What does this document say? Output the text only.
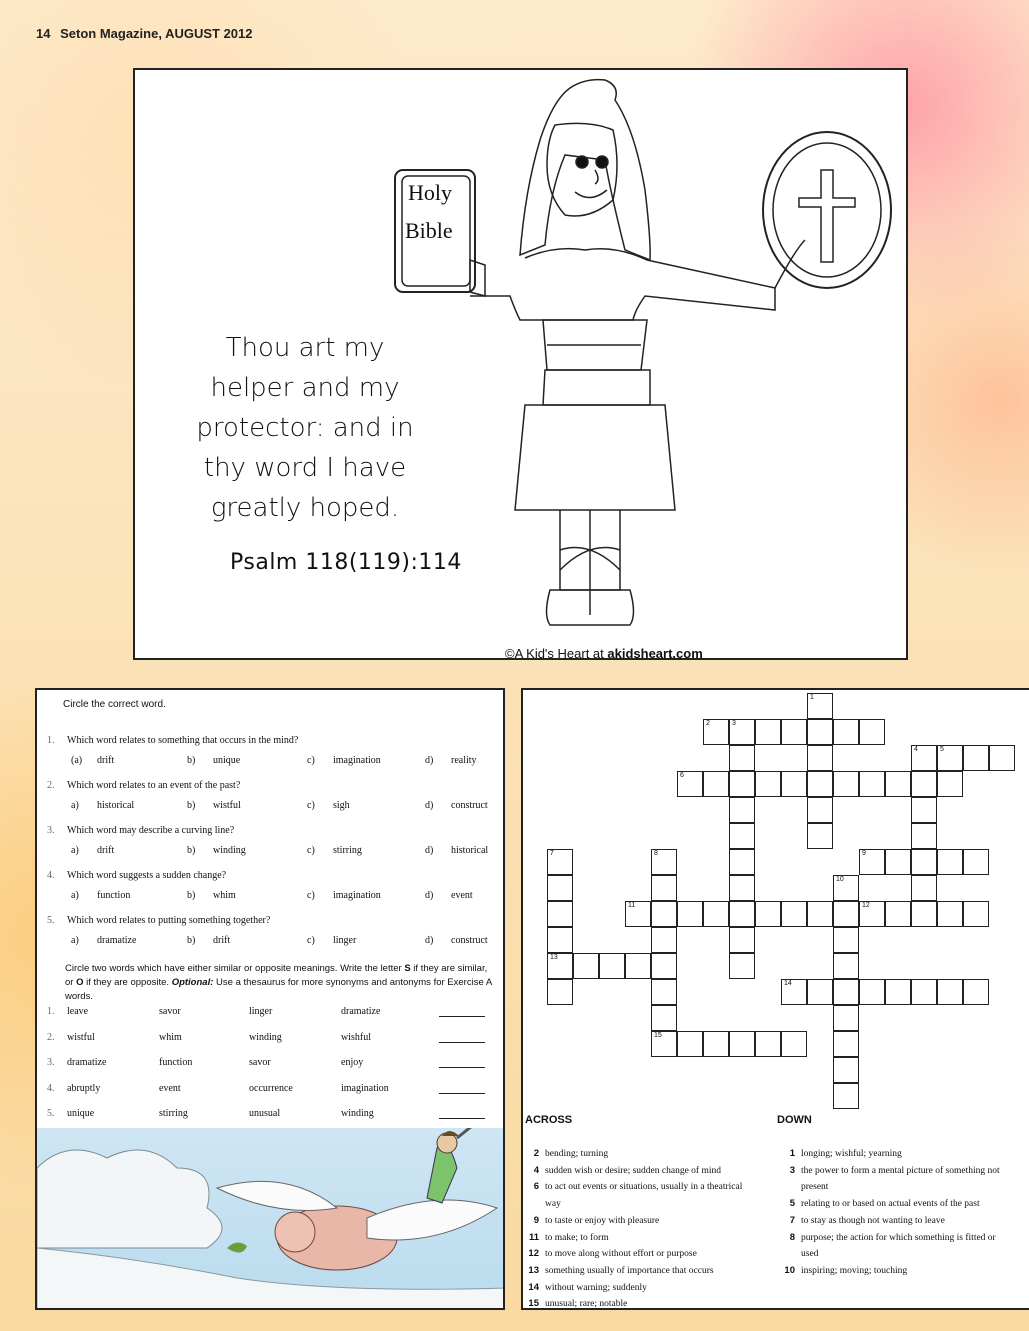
14 Seton Magazine, AUGUST 2012
Holy
Bible
Thou art my helper and my protector: and in thy word I have greatly hoped.
Psalm 118(119):114
©A Kid's Heart at akidsheart.com
Circle the correct word.
1. Which word relates to something that occurs in the mind?
(a) drift	b) unique	c) imagination	d) reality
2. Which word relates to an event of the past?
a) historical	b) wistful	c) sigh	d) construct
3. Which word may describe a curving line?
a) drift	b) winding	c) stirring	d) historical
4. Which word suggests a sudden change?
a) function	b) whim	c) imagination	d) event
5. Which word relates to putting something together?
a) dramatize	b) drift	c) linger	d) construct
Circle two words which have either similar or opposite meanings. Write the letter S if they are similar, or O if they are opposite. Optional: Use a thesaurus for more synonyms and antonyms for Exercise A words.
1. leave	savor	linger	dramatize
2. wistful	whim	winding	wishful
3. dramatize	function	savor	enjoy
4. abruptly	event	occurrence	imagination
5. unique	stirring	unusual	winding
2	3
4	5
6
9
11	12
13
14
15
1
7	8
10
ACROSS	DOWN
2 bending; turning
4 sudden wish or desire; sudden change of mind
6 to act out events or situations, usually in a theatrical way
9 to taste or enjoy with pleasure
11 to make; to form
12 to move along without effort or purpose
13 something usually of importance that occurs
14 without warning; suddenly
15 unusual; rare; notable
1 longing; wishful; yearning
3 the power to form a mental picture of something not present
5 relating to or based on actual events of the past
7 to stay as though not wanting to leave
8 purpose; the action for which something is fitted or used
10 inspiring; moving; touching
